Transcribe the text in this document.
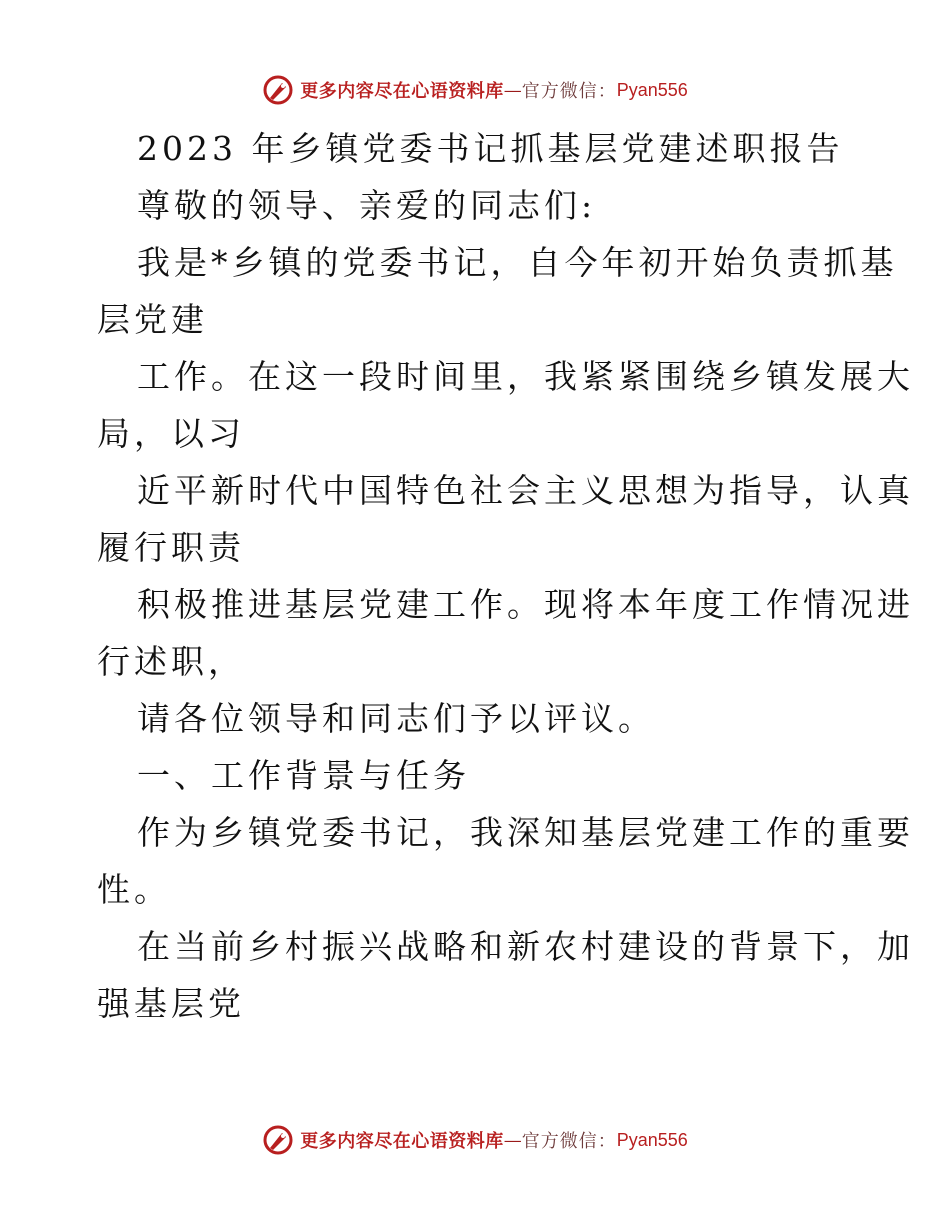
更多内容尽在心语资料库 — 官方微信： Pyan556
2023 年乡镇党委书记抓基层党建述职报告
尊敬的领导、亲爱的同志们:
我是*乡镇的党委书记，自今年初开始负责抓基
层党建
工作。在这一段时间里，我紧紧围绕乡镇发展大
局，以习
近平新时代中国特色社会主义思想为指导，认真
履行职责
积极推进基层党建工作。现将本年度工作情况进
行述职，
请各位领导和同志们予以评议。
一、工作背景与任务
作为乡镇党委书记，我深知基层党建工作的重要
性。
在当前乡村振兴战略和新农村建设的背景下，加
强基层党
更多内容尽在心语资料库 — 官方微信： Pyan556
